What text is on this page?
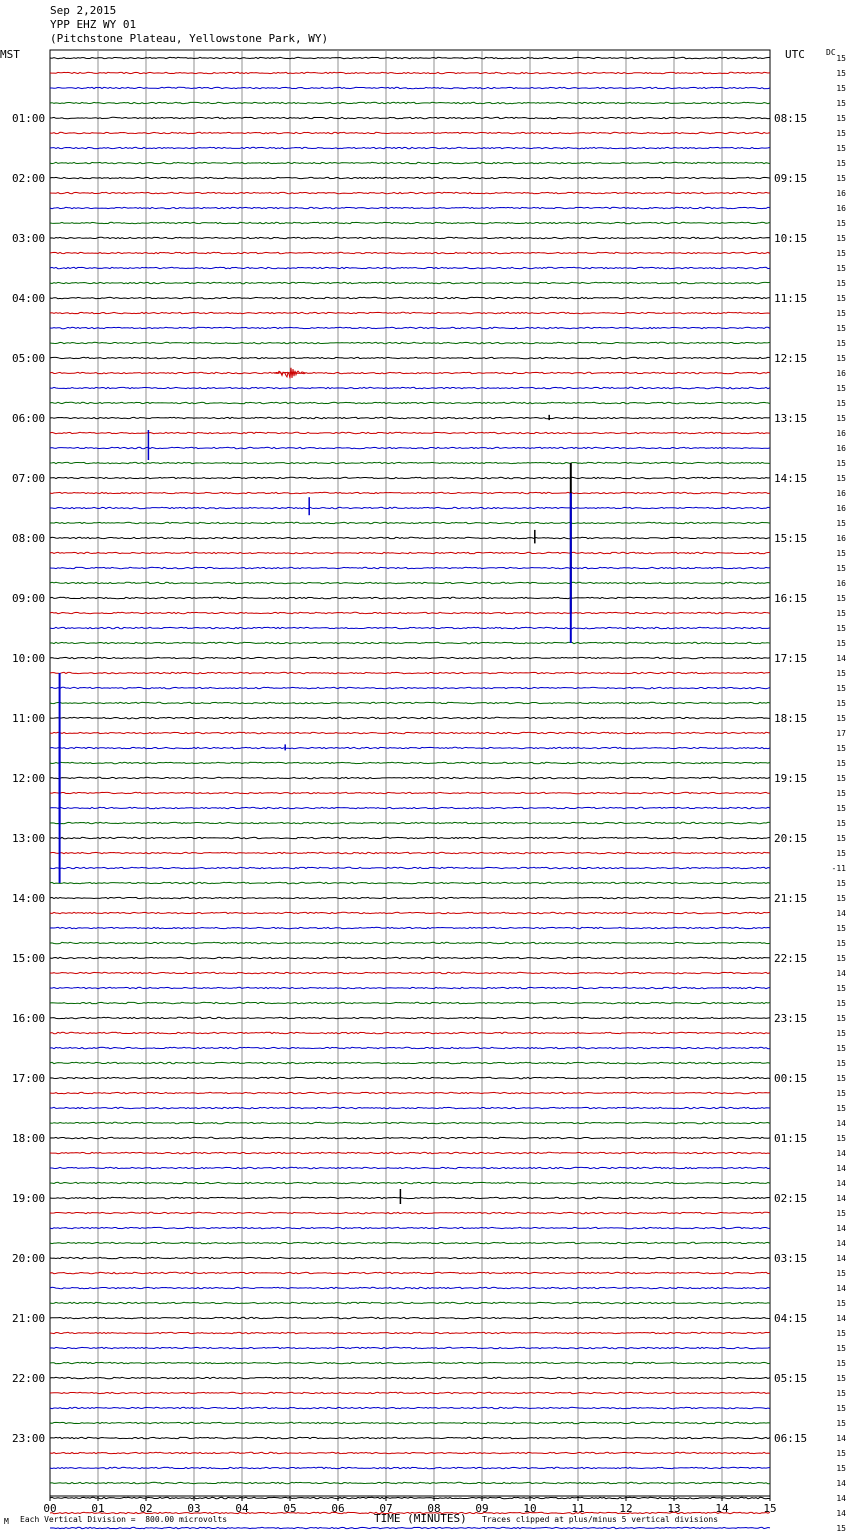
Sep 2,2015
YPP EHZ WY 01
(Pitchstone Plateau, Yellowstone Park, WY)
MST	UTC	DC
00	01	02	03	04	05	06	07	08	09	10	11	12	13	14	15
15
15
15
15
15
15
15
15
15
16
16
15
15
15
15
15
15
15
15
15
15
16
15
15
15
16
16
15
15
16
16
15
16
15
15
16
15
15
15
15
14
15
15
15
15
17
15
15
15
15
15
15
15
15
-11
15
15
14
15
15
15
14
15
15
15
15
15
15
15
15
15
14
15
14
14
14
14
15
14
14
14
15
14
15
14
15
15
15
15
15
15
15
14
15
15
14
14
14
15
01:00	08:15
02:00	09:15
03:00	10:15
04:00	11:15
05:00	12:15
06:00	13:15
07:00	14:15
08:00	15:15
09:00	16:15
10:00	17:15
11:00	18:15
12:00	19:15
13:00	20:15
14:00	21:15
15:00	22:15
16:00	23:15
17:00	00:15
18:00	01:15
19:00	02:15
20:00	03:15
21:00	04:15
22:00	05:15
23:00	06:15
M Each Vertical Division =  800.00 microvolts	TIME (MINUTES) Traces clipped at plus/minus 5 vertical divisions
